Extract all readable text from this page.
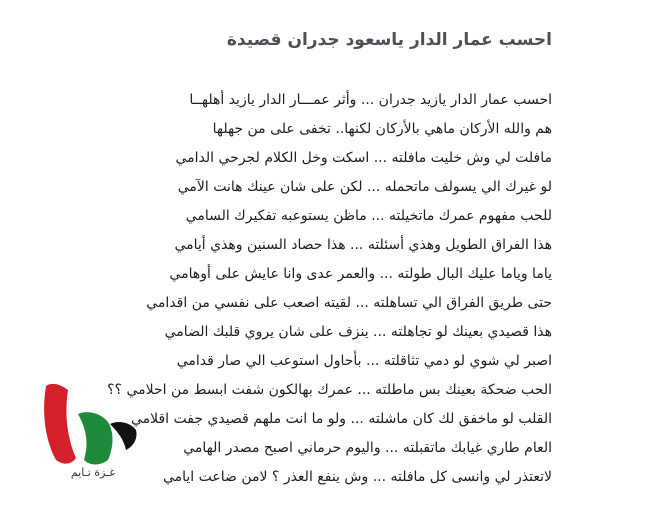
احسب عمار الدار ياسعود جدران قصيدة
احسب عمار الدار يازيد جدران ... وأثر عمـــار الدار يازيد أهلهــا
هم والله الأركان ماهي بالأركان لكنها.. تخفى على من جهلها
مافلت لي وش خليت مافلته ... اسكت وخل الكلام لجرحي الدامي
لو غيرك الي يسولف ماتحمله ... لكن على شان عينك هانت الآمي
للحب مفهوم عمرك ماتخيلته ... ماظن يستوعبه تفكيرك السامي
هذا الفراق الطويل وهذي أسئلته ... هذا حصاد السنين وهذي أيامي
ياما وياما عليك البال طولته ... والعمر عدى وانا عايش على أوهامي
حتى طريق الفراق الي تساهلته ... لقيته اصعب على نفسي من اقدامي
هذا قصيدي بعينك لو تجاهلته ... ينزف على شان يروي قلبك الضامي
اصبر لي شوي لو دمي تثاقلته ... بأحاول استوعب الي صار قدامي
الحب ضحكة بعينك بس ماطلته ... عمرك بهالكون شفت ابسط من احلامي ؟؟
القلب لو ماخفق لك كان ماشلته ... ولو ما انت ملهم قصيدي جفت اقلامي
العام طاري غيابك ماتقبلته ... واليوم حرماني اصبح مصدر الهامي
لاتعتذر لي وانسى كل مافلته ... وش ينفع العذر ؟ لامن ضاعت ايامي
غـزة تـايم
